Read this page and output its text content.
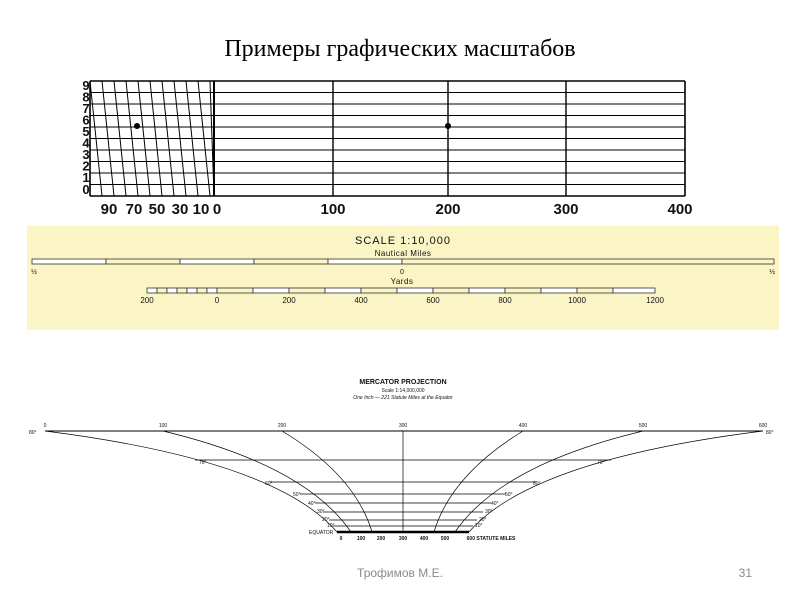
Примеры графических масштабов
9
8
7
6
5
4
3
2
1
0
90 70 50 30 10 0	100	200	300	400
SCALE 1:10,000
Nautical Miles
½	0	½
Yards
200	0	200	400	600	800	1000	1200
MERCATOR PROJECTION
Scale 1:14,000,000
One Inch — 221 Statute Miles at the Equator
0	100	200	300	400	500	600
80°	80°
70°	70°
60°	60°
50°	50°
40°	40°
30°	30°
20°	20°
10°	10°
EQUATOR
0	100 200	300	400	500	600 STATUTE MILES
Трофимов М.Е.	31
